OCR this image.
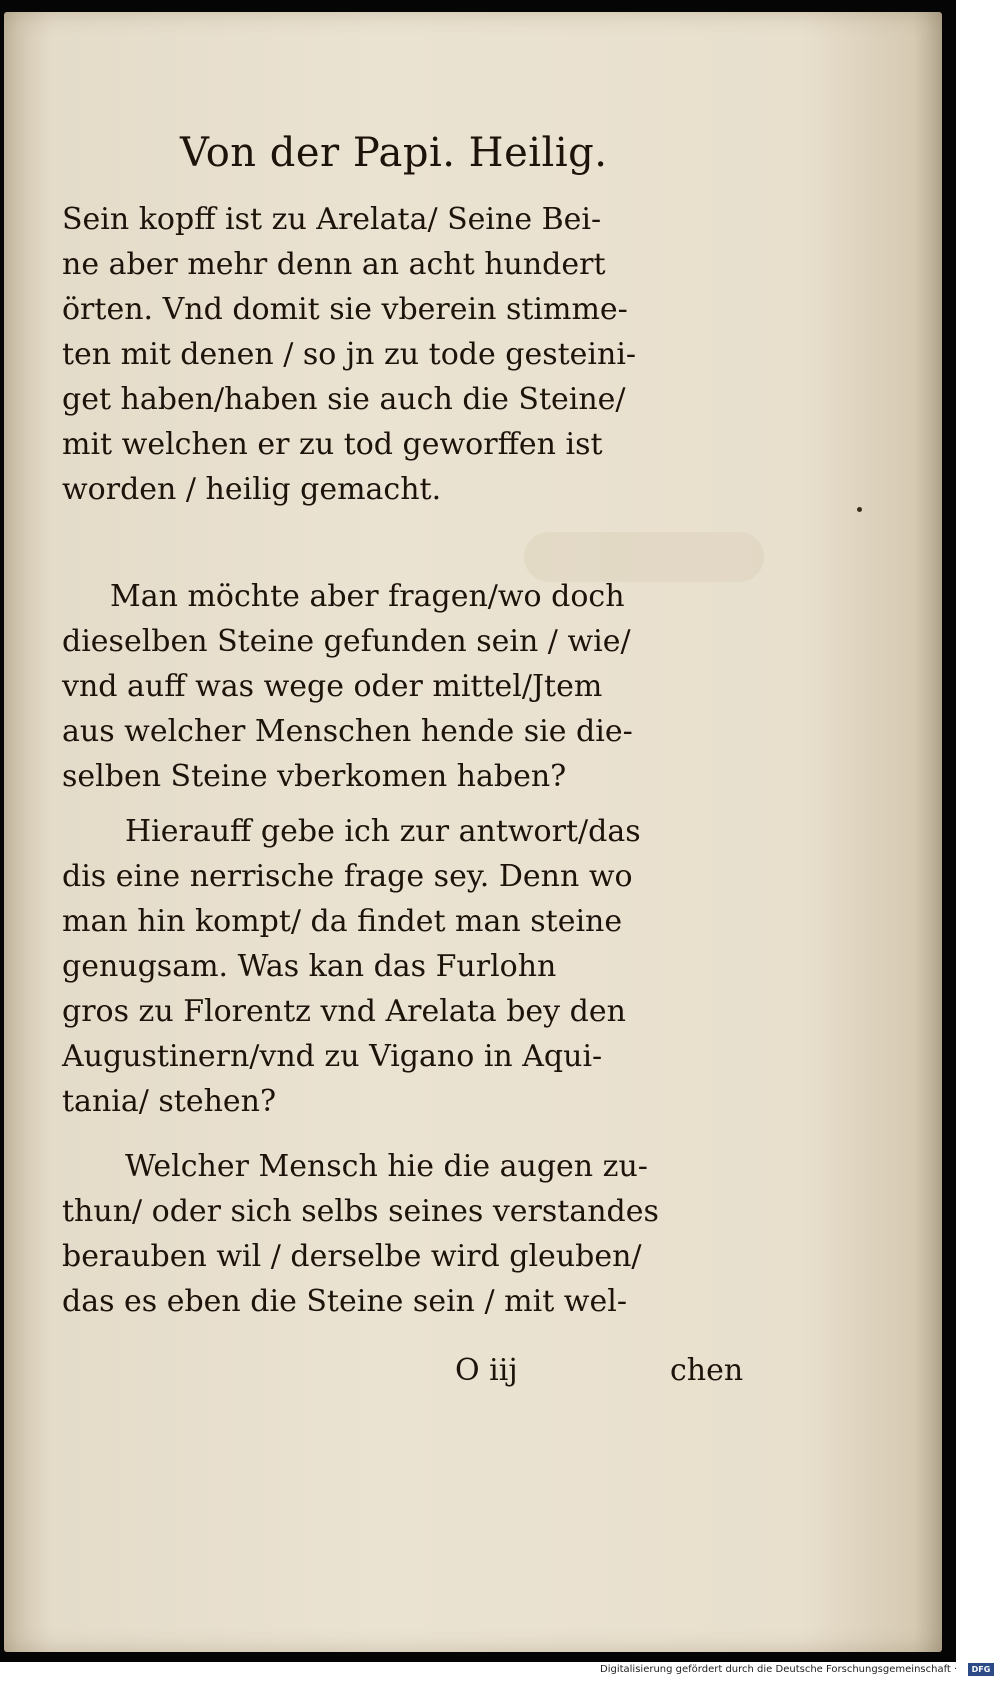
Von der Papi. Heilig.
Sein kopff ist zu Arelata/ Seine Bei-
ne aber mehr denn an acht hundert
örten. Vnd domit sie vberein stimme-
ten mit denen / so jn zu tode gesteini-
get haben/haben sie auch die Steine/
mit welchen er zu tod geworffen ist
worden / heilig gemacht.
Man möchte aber fragen/wo doch
dieselben Steine gefunden sein / wie/
vnd auff was wege oder mittel/Jtem
aus welcher Menschen hende sie die-
selben Steine vberkomen haben?
Hierauff gebe ich zur antwort/das
dis eine nerrische frage sey. Denn wo
man hin kompt/ da findet man steine
genugsam. Was kan das Furlohn
gros zu Florentz vnd Arelata bey den
Augustinern/vnd zu Vigano in Aqui-
tania/ stehen?
Welcher Mensch hie die augen zu-
thun/ oder sich selbs seines verstandes
berauben wil / derselbe wird gleuben/
das es eben die Steine sein / mit wel-
O iij	chen
Digitalisierung gefördert durch die Deutsche Forschungsgemeinschaft ·	DFG
